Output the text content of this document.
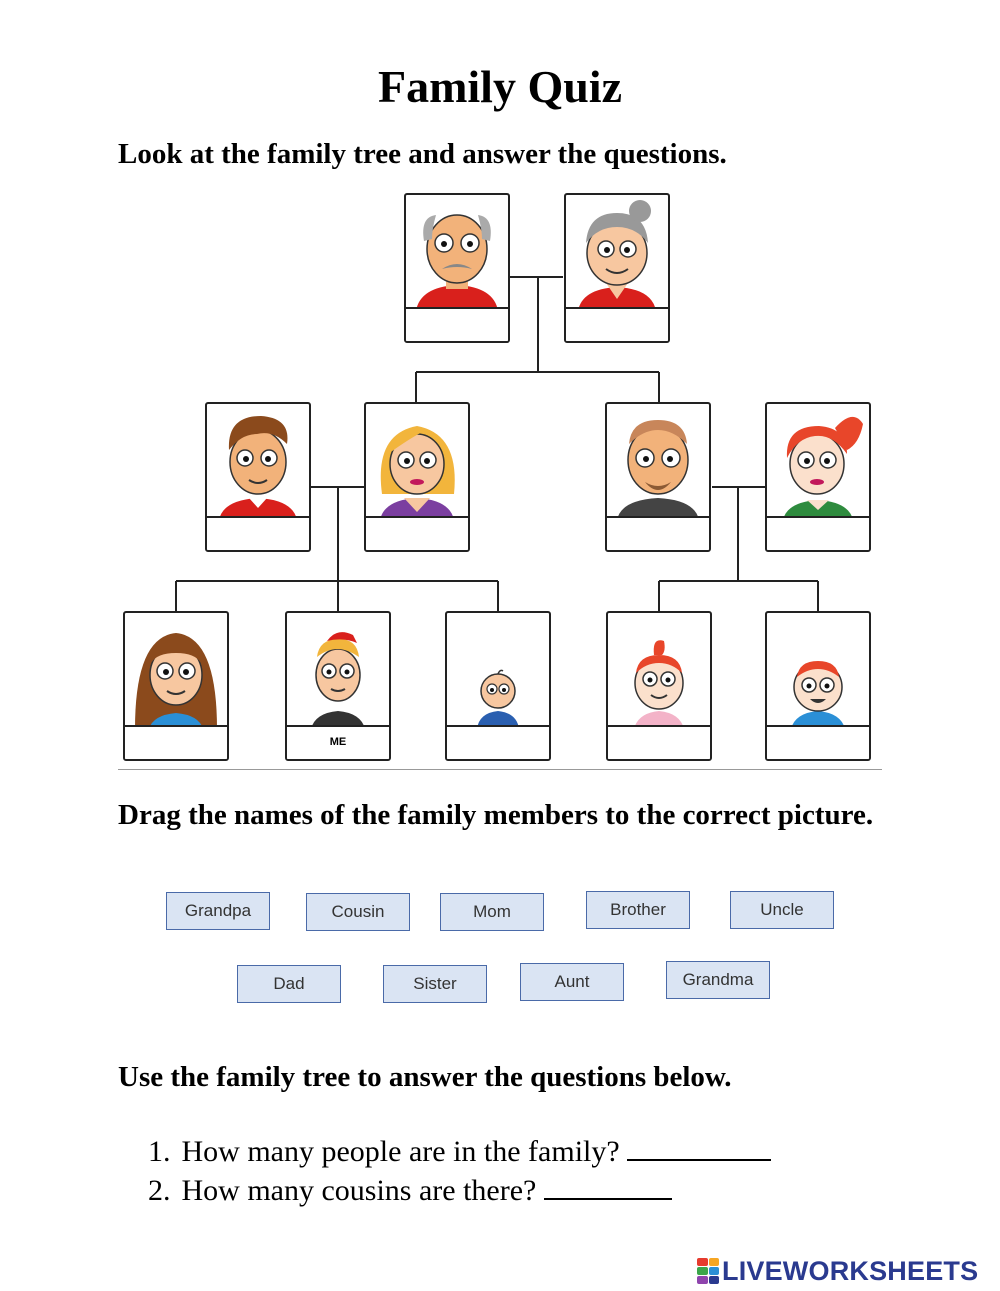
Family Quiz
Look at the family tree and answer the questions.
ME
Drag the names of the family members to the correct picture.
Grandpa	Cousin	Mom	Brother	Uncle
Dad	Sister	Aunt	Grandma
Use the family tree to answer the questions below.
1. How many people are in the family?
2. How many cousins are there?
LIVEWORKSHEETS
